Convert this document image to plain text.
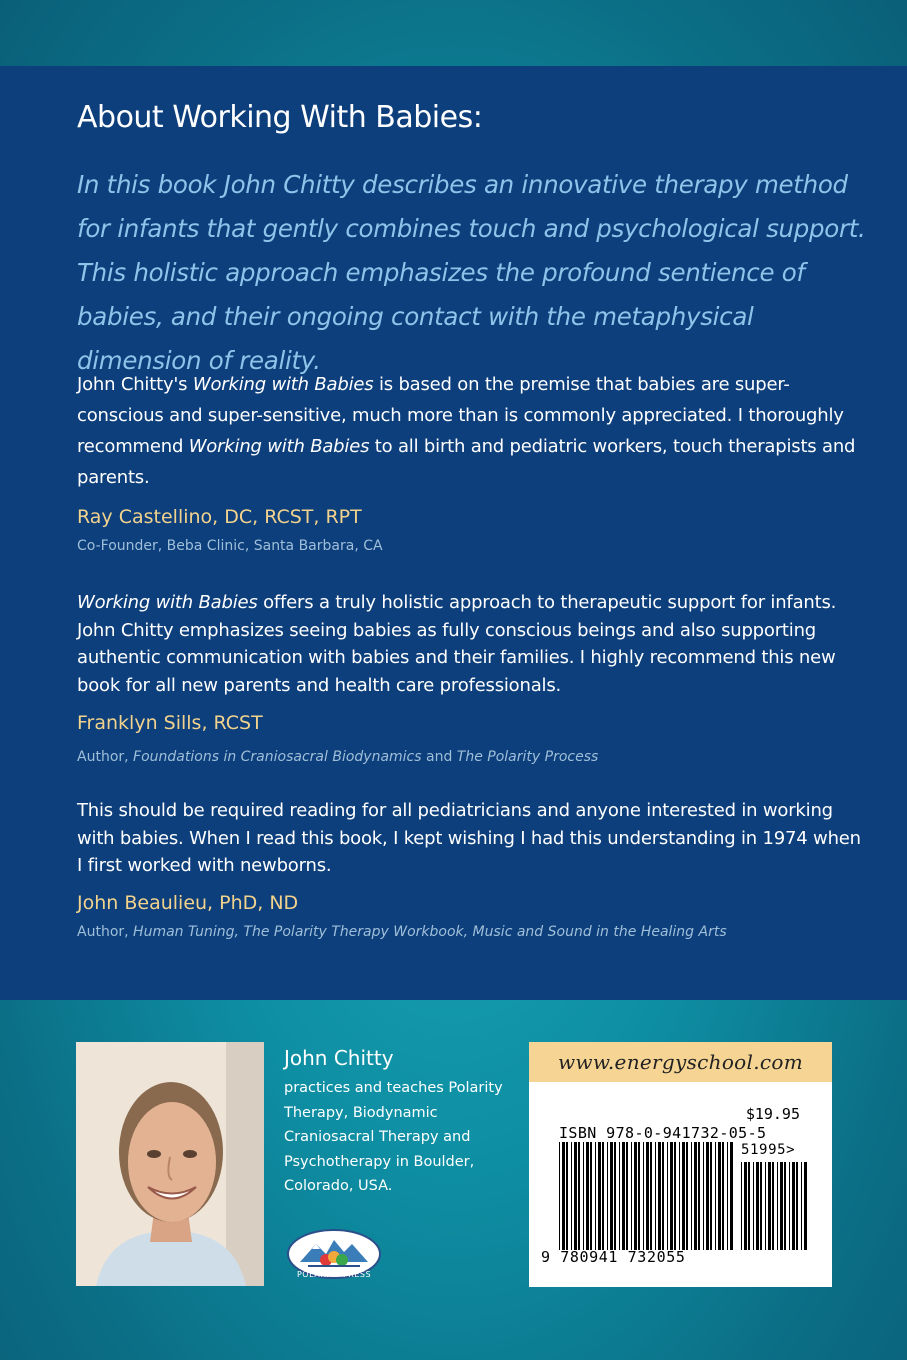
About Working With Babies:

In this book John Chitty describes an innovative therapy method for infants that gently combines touch and psychological support. This holistic approach emphasizes the profound sentience of babies, and their ongoing contact with the metaphysical dimension of reality.

John Chitty's Working with Babies is based on the premise that babies are super-conscious and super-sensitive, much more than is commonly appreciated. I thoroughly recommend Working with Babies to all birth and pediatric workers, touch therapists and parents.

Ray Castellino, DC, RCST, RPT

Co-Founder, Beba Clinic, Santa Barbara, CA

Working with Babies offers a truly holistic approach to therapeutic support for infants. John Chitty emphasizes seeing babies as fully conscious beings and also supporting authentic communication with babies and their families. I highly recommend this new book for all new parents and health care professionals.

Franklyn Sills, RCST

Author, Foundations in Craniosacral Biodynamics and The Polarity Process

This should be required reading for all pediatricians and anyone interested in working with babies. When I read this book, I kept wishing I had this understanding in 1974 when I first worked with newborns.

John Beaulieu, PhD, ND

Author, Human Tuning, The Polarity Therapy Workbook, Music and Sound in the Healing Arts

John Chitty

practices and teaches Polarity Therapy, Biodynamic Craniosacral Therapy and Psychotherapy in Boulder, Colorado, USA.

POLARITY PRESS

www.energyschool.com

$19.95

ISBN 978-0-941732-05-5

51995>

9 780941 732055
